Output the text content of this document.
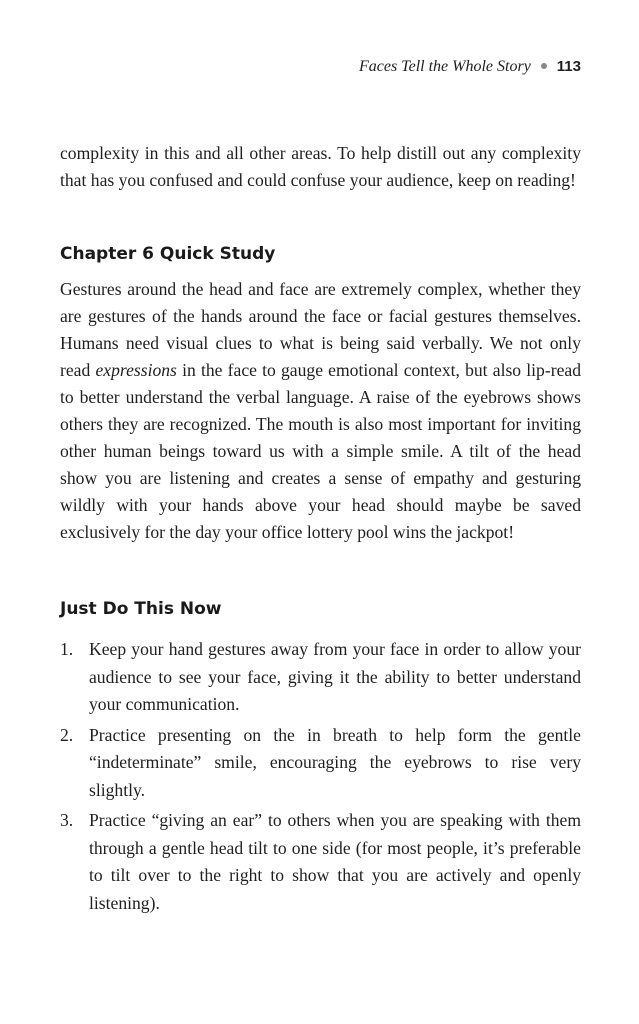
Faces Tell the Whole Story 113

complexity in this and all other areas. To help distill out any complexity that has you confused and could confuse your audience, keep on reading!

Chapter 6 Quick Study

Gestures around the head and face are extremely complex, whether they are gestures of the hands around the face or facial gestures themselves. Humans need visual clues to what is being said verbally. We not only read expressions in the face to gauge emotional context, but also lip-read to better understand the verbal language. A raise of the eyebrows shows others they are recognized. The mouth is also most important for inviting other human beings toward us with a simple smile. A tilt of the head show you are listening and creates a sense of empathy and gesturing wildly with your hands above your head should maybe be saved exclusively for the day your office lottery pool wins the jackpot!

Just Do This Now
1. Keep your hand gestures away from your face in order to allow your audience to see your face, giving it the ability to better understand your communication.
2. Practice presenting on the in breath to help form the gentle “indeterminate” smile, encouraging the eyebrows to rise very slightly.
3. Practice “giving an ear” to others when you are speaking with them through a gentle head tilt to one side (for most people, it’s preferable to tilt over to the right to show that you are actively and openly listening).
